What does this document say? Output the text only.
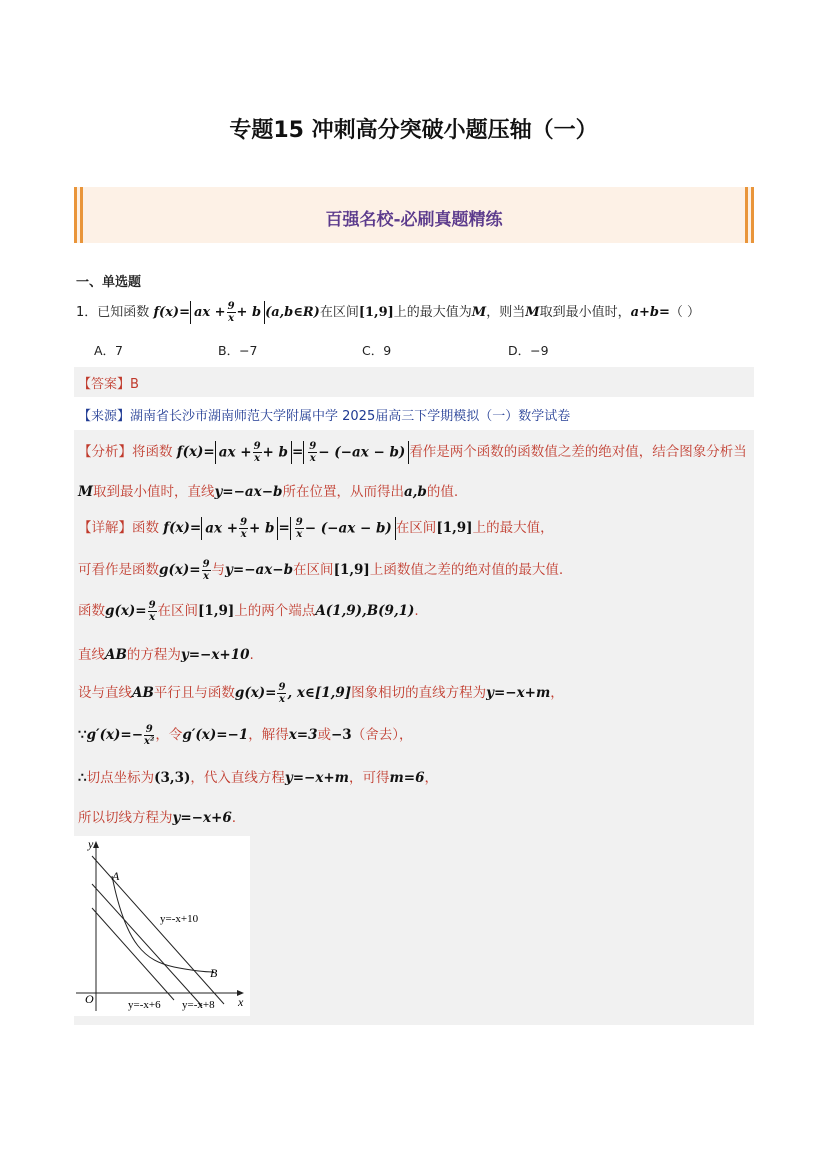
专题15 冲刺高分突破小题压轴（一）
百强名校-必刷真题精练
一、单选题
1．已知函数 f(x)= ax + $\frac{9}{x} + b$ (a,b∈R)在区间[1,9]上的最大值为M，则当M取到最小值时，a+b=（ ）
A．7	B．−7	C．9	D．−9
【答案】B
【来源】湖南省长沙市湖南师范大学附属中学 2025届高三下学期模拟（一）数学试卷
【分析】将函数 f(x)= ax + $\frac{9}{x} + b = \frac{9}{x} - (-ax - b)$ 看作是两个函数的函数值之差的绝对值，结合图象分析当
M取到最小值时，直线y=−ax−b所在位置，从而得出a,b的值.
【详解】函数 f(x)= ax + $\frac{9}{x} + b = \frac{9}{x} - (-ax - b)$ 在区间[1,9]上的最大值，
可看作是函数$g(x)= \frac{9}{x}$ 与y=−ax−b在区间[1,9]上函数值之差的绝对值的最大值.
函数$g(x)= \frac{9}{x}$ 在区间[1,9]上的两个端点A(1,9),B(9,1).
直线AB的方程为y=−x+10.
设与直线AB平行且与函数$g(x)= \frac{9}{x}$ , x∈[1,9]图象相切的直线方程为y=−x+m，
∵g′(x)=− $\frac{9}{\text{x²}}$ ，令g′(x)=−1，解得x=3或−3（舍去），
∴切点坐标为(3,3)，代入直线方程y=−x+m，可得m=6，
所以切线方程为y=−x+6.
y
x
O
A
B
y=-x+10
y=-x+6 y=-x+8
